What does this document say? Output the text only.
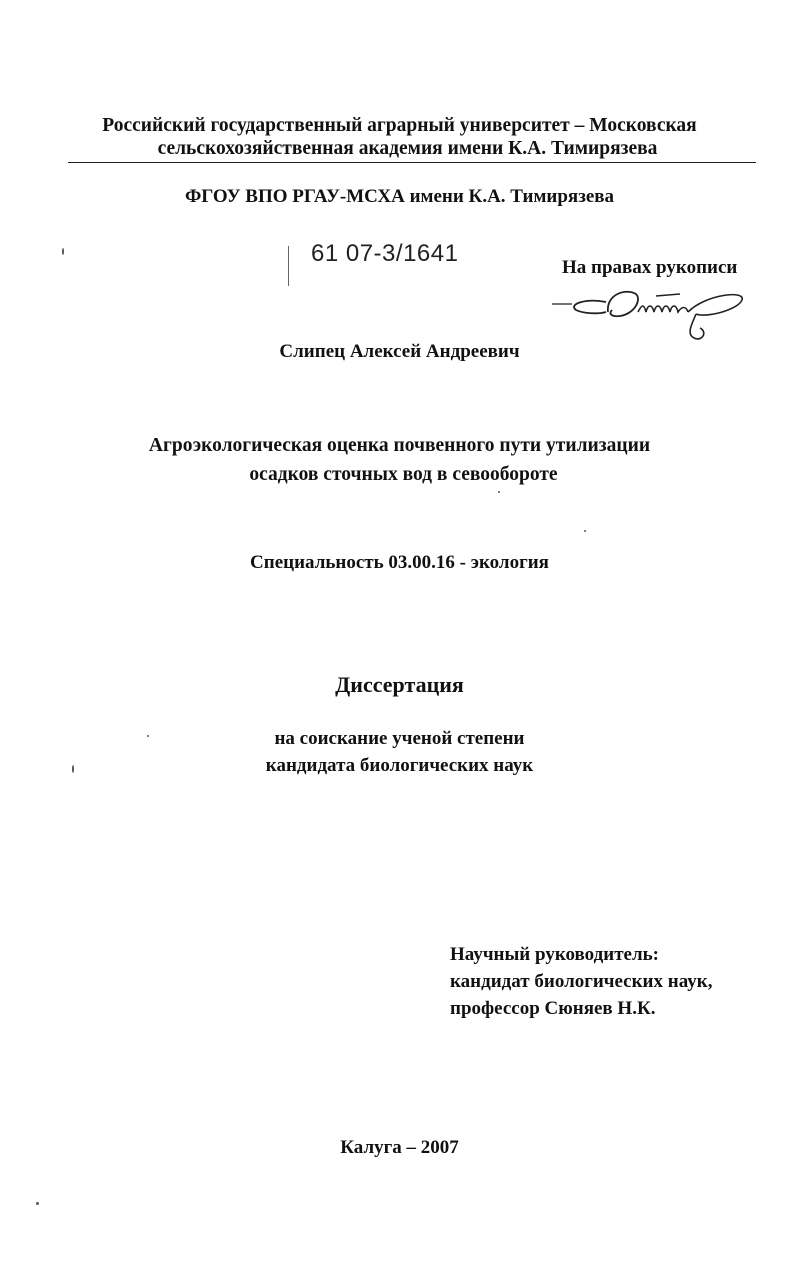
Российский государственный аграрный университет – Московская
сельскохозяйственная академия имени К.А. Тимирязева
ФГОУ ВПО РГАУ-МСХА имени К.А. Тимирязева
61 07-3/1641
На правах рукописи
Слипец Алексей Андреевич
Агроэкологическая оценка почвенного пути утилизации
осадков сточных вод в севообороте
Специальность 03.00.16 - экология
Диссертация
на соискание ученой степени
кандидата биологических наук
Научный руководитель:
кандидат биологических наук,
профессор Сюняев Н.К.
Калуга – 2007
